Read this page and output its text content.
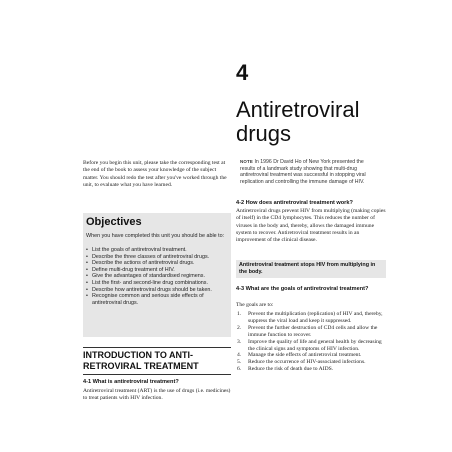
4
Antiretroviral drugs
Before you begin this unit, please take the corresponding test at the end of the book to assess your knowledge of the subject matter. You should redo the test after you've worked through the unit, to evaluate what you have learned.
Objectives
When you have completed this unit you should be able to:
• List the goals of antiretroviral treatment.
• Describe the three classes of antiretroviral drugs.
• Describe the actions of antiretroviral drugs.
• Define multi-drug treatment of HIV.
• Give the advantages of standardised regimens.
• List the first- and second-line drug combinations.
• Describe how antiretroviral drugs should be taken.
• Recognise common and serious side effects of antiretroviral drugs.
INTRODUCTION TO ANTI-RETROVIRAL TREATMENT
4-1 What is antiretroviral treatment?
Antiretroviral treatment (ART) is the use of drugs (i.e. medicines) to treat patients with HIV infection.
NOTE In 1996 Dr David Ho of New York presented the results of a landmark study showing that multi-drug antiretroviral treatment was successful in stopping viral replication and controlling the immune damage of HIV.
4-2 How does antiretroviral treatment work?
Antiretroviral drugs prevent HIV from multiplying (making copies of itself) in the CD4 lymphocytes. This reduces the number of viruses in the body and, thereby, allows the damaged immune system to recover. Antiretroviral treatment results in an improvement of the clinical disease.
Antiretroviral treatment stops HIV from multiplying in the body.
4-3 What are the goals of antiretroviral treatment?
The goals are to:
1. Prevent the multiplication (replication) of HIV and, thereby, suppress the viral load and keep it suppressed.
2. Prevent the further destruction of CD4 cells and allow the immune function to recover.
3. Improve the quality of life and general health by decreasing the clinical signs and symptoms of HIV infection.
4. Manage the side effects of antiretroviral treatment.
5. Reduce the occurrence of HIV-associated infections.
6. Reduce the risk of death due to AIDS.
